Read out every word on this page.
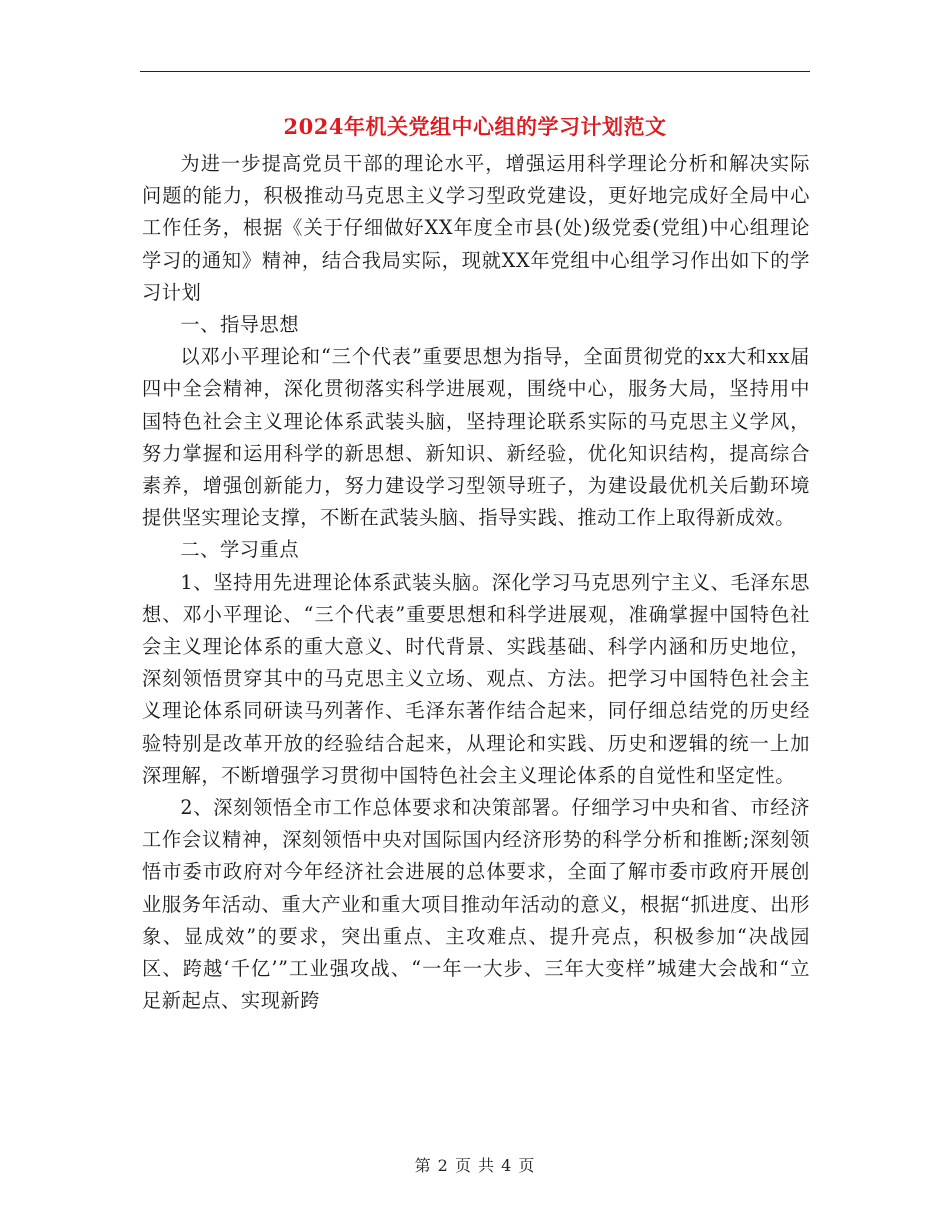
2024年机关党组中心组的学习计划范文

为进一步提高党员干部的理论水平，增强运用科学理论分析和解决实际问题的能力，积极推动马克思主义学习型政党建设，更好地完成好全局中心工作任务，根据《关于仔细做好XX年度全市县(处)级党委(党组)中心组理论学习的通知》精神，结合我局实际，现就XX年党组中心组学习作出如下的学习计划

一、指导思想

以邓小平理论和“三个代表”重要思想为指导，全面贯彻党的xx大和xx届四中全会精神，深化贯彻落实科学进展观，围绕中心，服务大局，坚持用中国特色社会主义理论体系武装头脑，坚持理论联系实际的马克思主义学风，努力掌握和运用科学的新思想、新知识、新经验，优化知识结构，提高综合素养，增强创新能力，努力建设学习型领导班子，为建设最优机关后勤环境提供坚实理论支撑，不断在武装头脑、指导实践、推动工作上取得新成效。

二、学习重点

1、坚持用先进理论体系武装头脑。深化学习马克思列宁主义、毛泽东思想、邓小平理论、“三个代表”重要思想和科学进展观，准确掌握中国特色社会主义理论体系的重大意义、时代背景、实践基础、科学内涵和历史地位，深刻领悟贯穿其中的马克思主义立场、观点、方法。把学习中国特色社会主义理论体系同研读马列著作、毛泽东著作结合起来，同仔细总结党的历史经验特别是改革开放的经验结合起来，从理论和实践、历史和逻辑的统一上加深理解，不断增强学习贯彻中国特色社会主义理论体系的自觉性和坚定性。

2、深刻领悟全市工作总体要求和决策部署。仔细学习中央和省、市经济工作会议精神，深刻领悟中央对国际国内经济形势的科学分析和推断;深刻领悟市委市政府对今年经济社会进展的总体要求，全面了解市委市政府开展创业服务年活动、重大产业和重大项目推动年活动的意义，根据“抓进度、出形象、显成效”的要求，突出重点、主攻难点、提升亮点，积极参加“决战园区、跨越‘千亿’”工业强攻战、“一年一大步、三年大变样”城建大会战和“立足新起点、实现新跨

第 2 页 共 4 页
